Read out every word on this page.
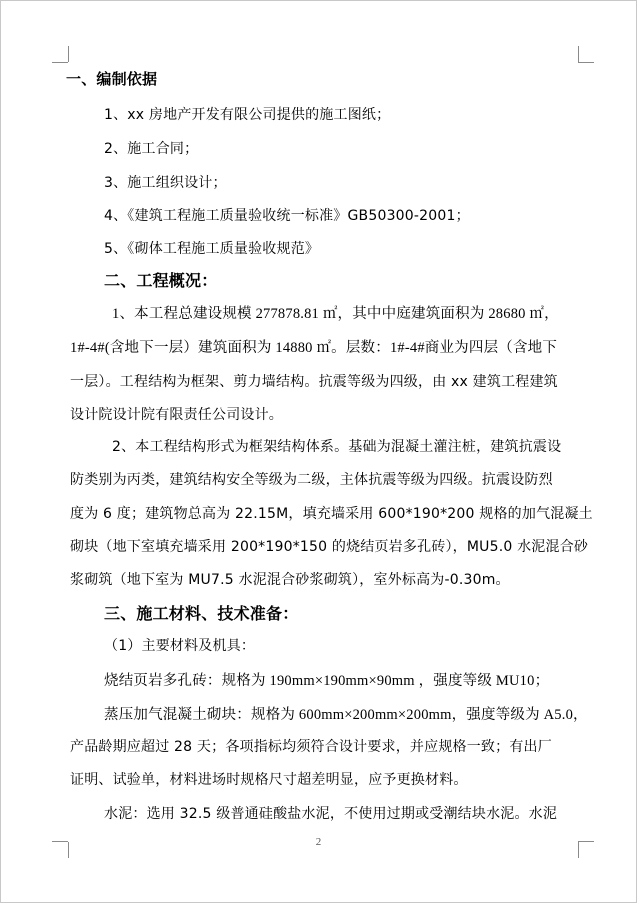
一、编制依据
1、xx 房地产开发有限公司提供的施工图纸；
2、施工合同；
3、施工组织设计；
4、《建筑工程施工质量验收统一标准》GB50300-2001；
5、《砌体工程施工质量验收规范》
二、工程概况：
1、本工程总建设规模 277878.81 ㎡，其中中庭建筑面积为 28680 ㎡，
1#-4#(含地下一层）建筑面积为 14880 ㎡。层数：1#-4#商业为四层（含地下
一层）。工程结构为框架、剪力墙结构。抗震等级为四级，由 xx 建筑工程建筑
设计院设计院有限责任公司设计。
2、本工程结构形式为框架结构体系。基础为混凝土灌注桩，建筑抗震设
防类别为丙类，建筑结构安全等级为二级，主体抗震等级为四级。抗震设防烈
度为 6 度；建筑物总高为 22.15M，填充墙采用 600*190*200 规格的加气混凝土
砌块（地下室填充墙采用 200*190*150 的烧结页岩多孔砖），MU5.0 水泥混合砂
浆砌筑（地下室为 MU7.5 水泥混合砂浆砌筑），室外标高为-0.30m。
三、施工材料、技术准备：
（1）主要材料及机具：
烧结页岩多孔砖：规格为 190mm×190mm×90mm ，强度等级 MU10；
蒸压加气混凝土砌块：规格为 600mm×200mm×200mm，强度等级为 A5.0，
产品龄期应超过 28 天；各项指标均须符合设计要求，并应规格一致；有出厂
证明、试验单，材料进场时规格尺寸超差明显，应予更换材料。
水泥：选用 32.5 级普通硅酸盐水泥，不使用过期或受潮结块水泥。水泥
2
